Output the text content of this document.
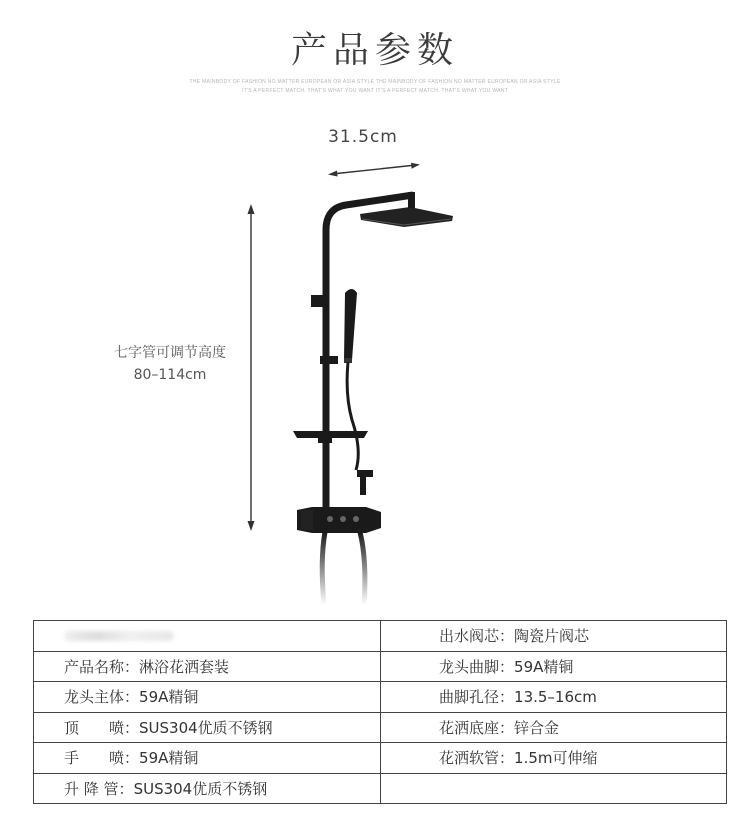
产品参数
THE MAINBODY OF FASHION NO MATTER EUROPEAN OR ASIA STYLE THE MAINBODY OF FASHION NO MATTER EUROPEAN OR ASIA STYLE
IT'S A PERFECT MATCH. THAT'S WHAT YOU WANT IT'S A PERFECT MATCH. THAT'S WHAT YOU WANT
31.5cm
七字管可调节高度
80–114cm
	出水阀芯：陶瓷片阀芯
产品名称：淋浴花洒套装	龙头曲脚：59A精铜
龙头主体：59A精铜	曲脚孔径：13.5–16cm
顶　　喷：SUS304优质不锈钢	花洒底座：锌合金
手　　喷：59A精铜	花洒软管：1.5m可伸缩
升 降 管：SUS304优质不锈钢	
